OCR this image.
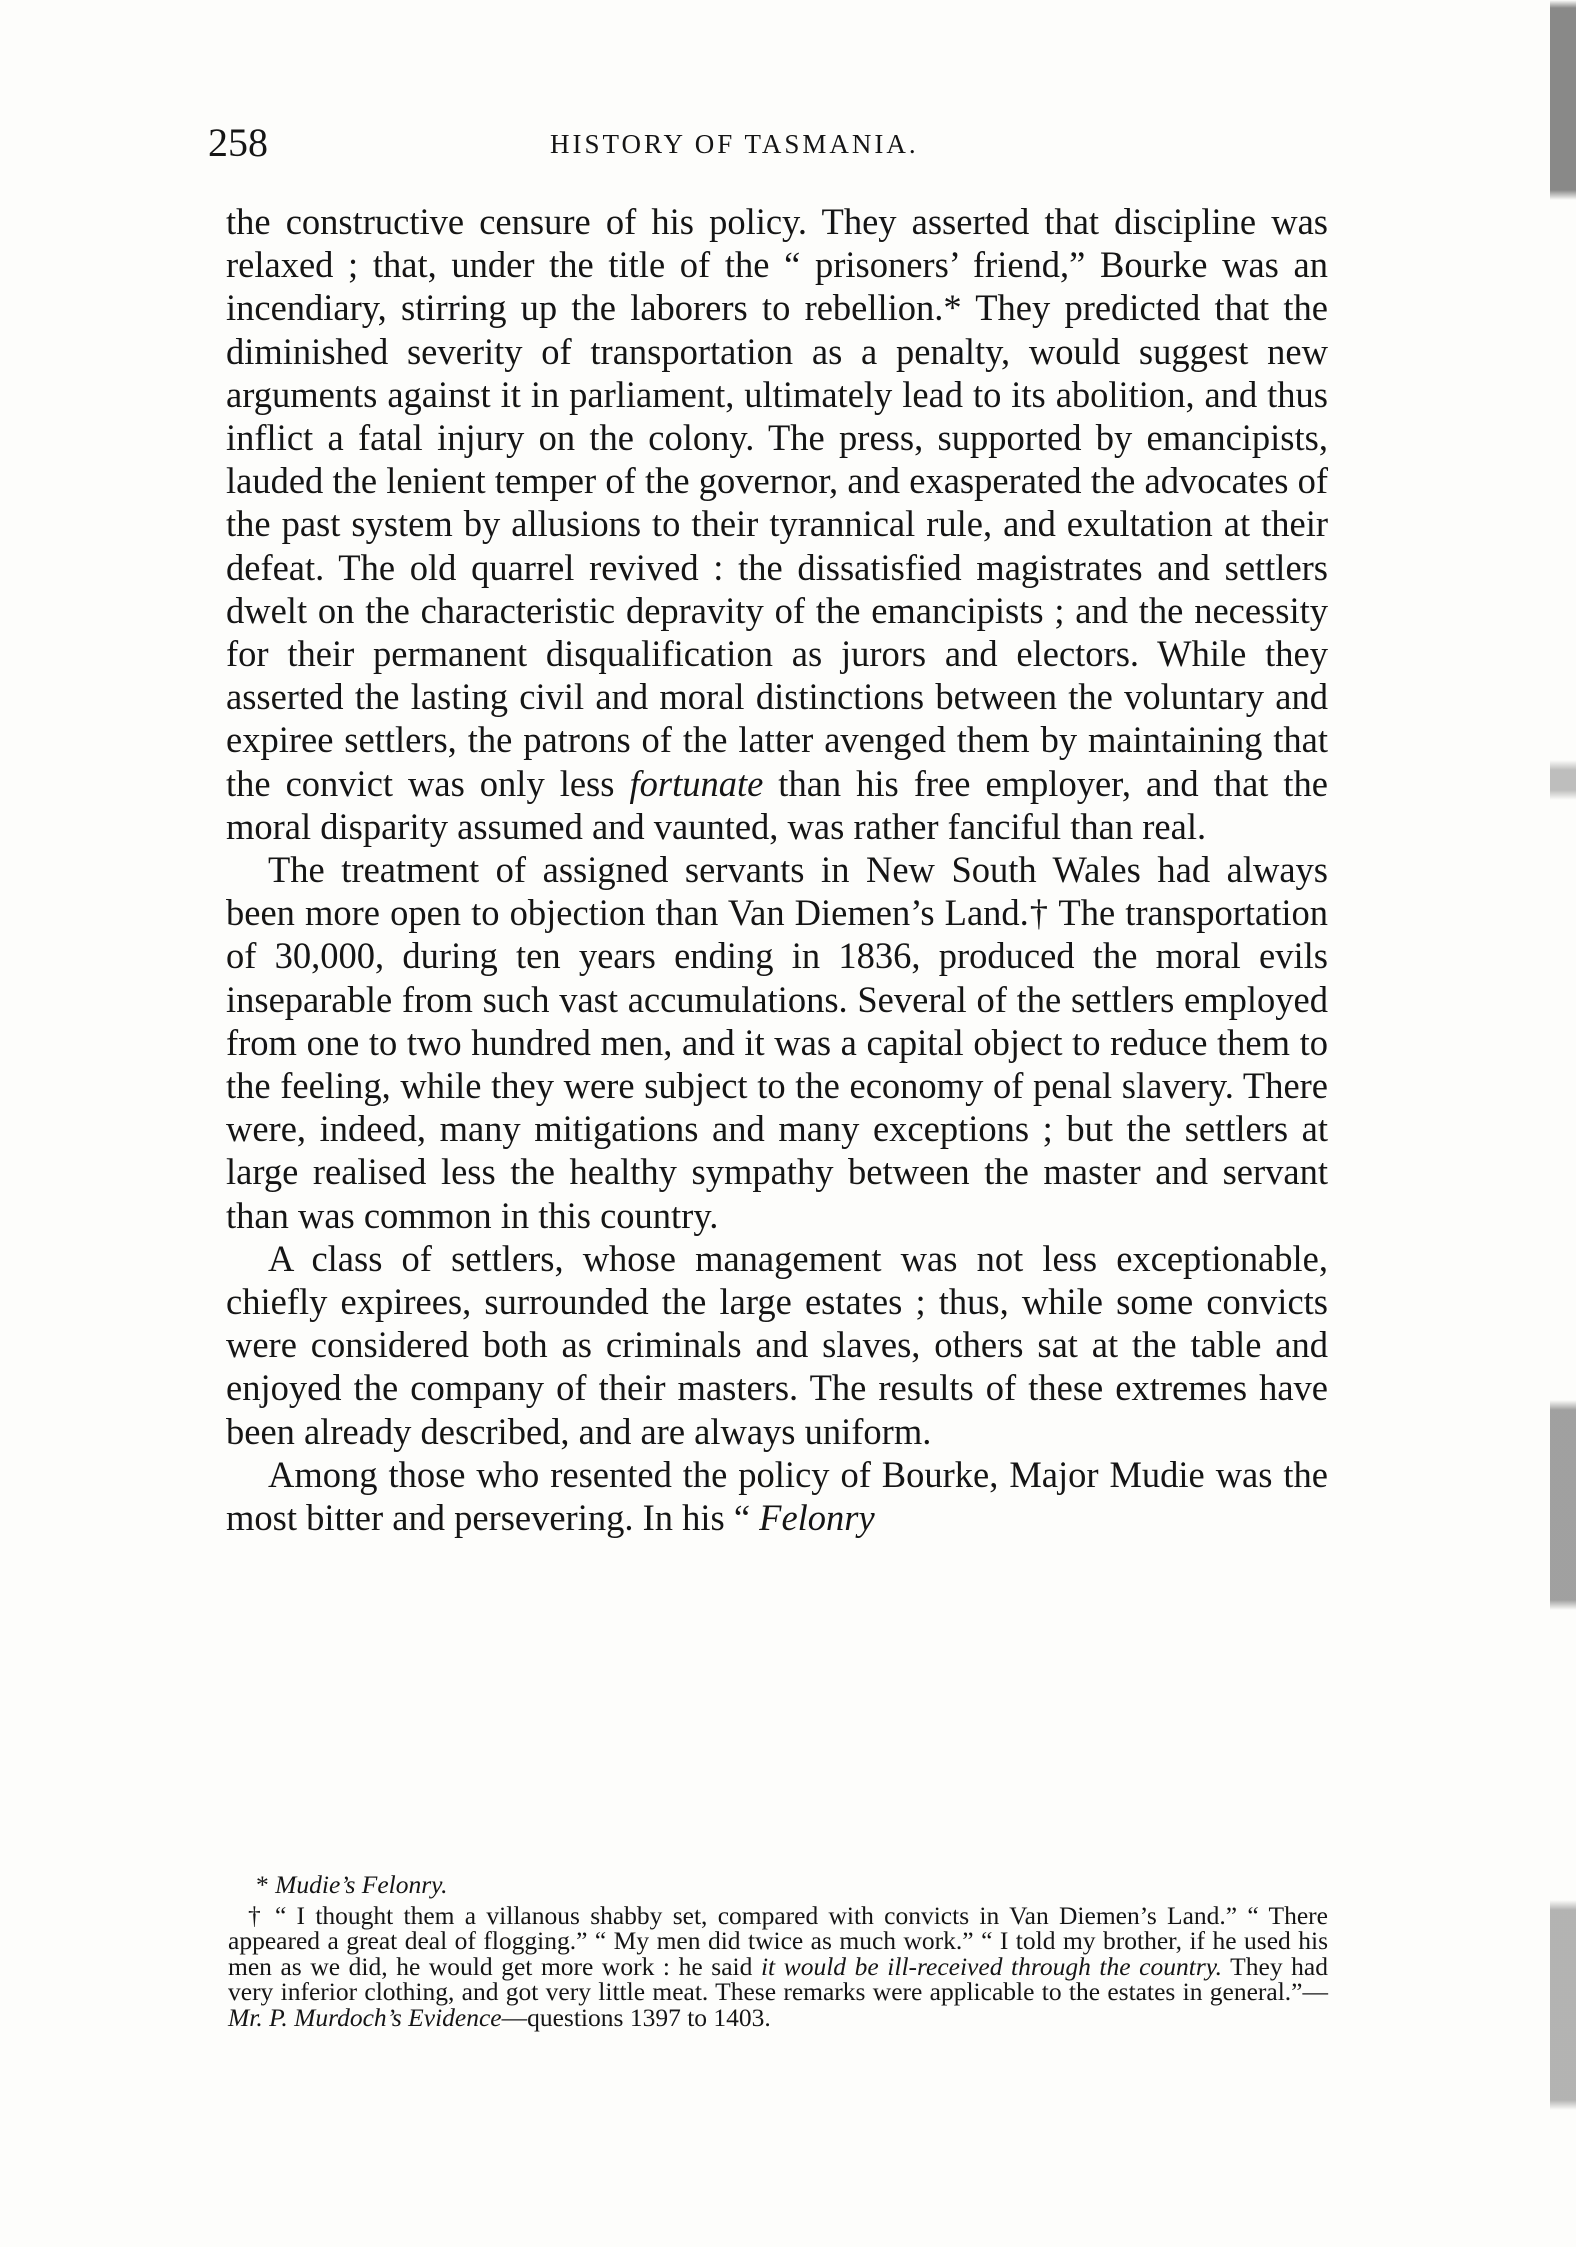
258	HISTORY OF TASMANIA.

the constructive censure of his policy. They asserted that discipline was relaxed ; that, under the title of the “ prisoners’ friend,” Bourke was an incendiary, stirring up the laborers to rebellion.* They predicted that the diminished severity of transportation as a penalty, would suggest new arguments against it in parliament, ultimately lead to its abolition, and thus inflict a fatal injury on the colony. The press, supported by emancipists, lauded the lenient temper of the governor, and exasperated the advocates of the past system by allusions to their tyrannical rule, and exultation at their defeat. The old quarrel revived : the dissatisfied magistrates and settlers dwelt on the characteristic depravity of the emancipists ; and the necessity for their permanent disqualification as jurors and electors. While they asserted the lasting civil and moral distinctions between the voluntary and expiree settlers, the patrons of the latter avenged them by maintaining that the convict was only less fortunate than his free employer, and that the moral disparity assumed and vaunted, was rather fanciful than real.

The treatment of assigned servants in New South Wales had always been more open to objection than Van Diemen’s Land.† The transportation of 30,000, during ten years ending in 1836, produced the moral evils inseparable from such vast accumulations. Several of the settlers employed from one to two hundred men, and it was a capital object to reduce them to the feeling, while they were subject to the economy of penal slavery. There were, indeed, many mitigations and many exceptions ; but the settlers at large realised less the healthy sympathy between the master and servant than was common in this country.

A class of settlers, whose management was not less exceptionable, chiefly expirees, surrounded the large estates ; thus, while some convicts were considered both as criminals and slaves, others sat at the table and enjoyed the company of their masters. The results of these extremes have been already described, and are always uniform.

Among those who resented the policy of Bourke, Major Mudie was the most bitter and persevering. In his “ Felonry

* Mudie’s Felonry.

† “ I thought them a villanous shabby set, compared with convicts in Van Diemen’s Land.” “ There appeared a great deal of flogging.” “ My men did twice as much work.” “ I told my brother, if he used his men as we did, he would get more work : he said it would be ill-received through the country. They had very inferior clothing, and got very little meat. These remarks were applicable to the estates in general.”—Mr. P. Murdoch’s Evidence—questions 1397 to 1403.
